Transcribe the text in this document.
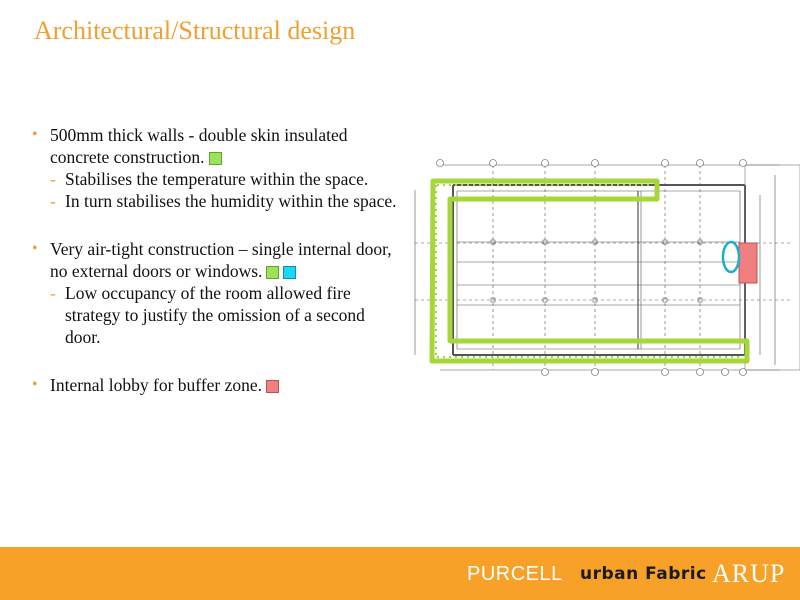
Architectural/Structural design
• 500mm thick walls - double skin insulated concrete construction.
- Stabilises the temperature within the space.
- In turn stabilises the humidity within the space.
• Very air-tight construction – single internal door, no external doors or windows.
- Low occupancy of the room allowed fire strategy to justify the omission of a second door.
• Internal lobby for buffer zone.
PURCELL urban Fabric ARUP
